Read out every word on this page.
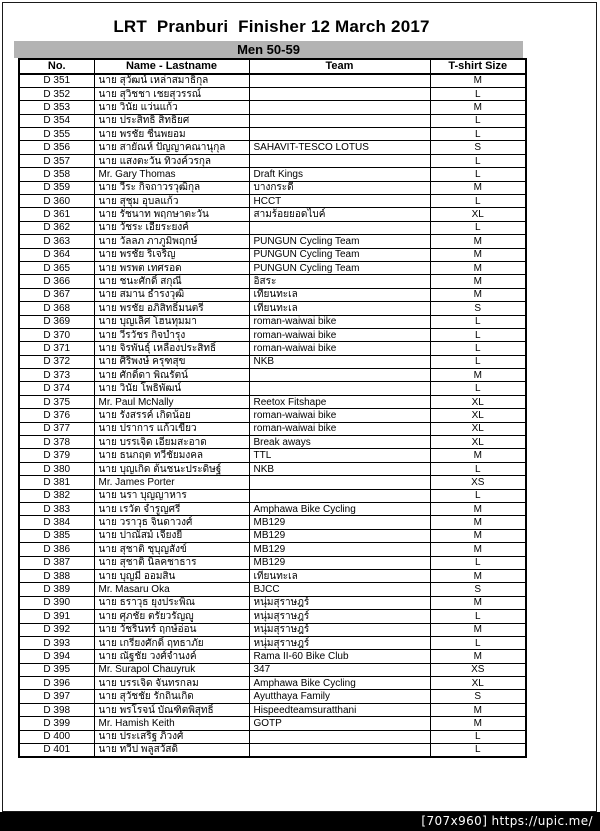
LRT  Pranburi  Finisher 12 March 2017
Men 50-59
No.	Name - Lastname	Team	T-shirt Size
D 351	นาย สุวัฒน์ เหล่าสมาธิกุล		M
D 352	นาย สุวิชชา เชยสุวรรณ์		L
D 353	นาย วินัย แว่นแก้ว		M
D 354	นาย ประสิทธิ์ สิทธิยศ		L
D 355	นาย พรชัย ชื่นพยอม		L
D 356	นาย สายัณห์ ปัญญาคณานุกุล	SAHAVIT-TESCO LOTUS	S
D 357	นาย แสงตะวัน ทิวงค์วรกุล		L
D 358	Mr. Gary Thomas	Draft Kings	L
D 359	นาย วีระ กิจถาวรวุฒิกุล	บางกระดี่	M
D 360	นาย สุชุม อุบลแก้ว	HCCT	L
D 361	นาย รัชนาท พฤกษาตะวัน	สามร้อยยอดไบค์	XL
D 362	นาย วัชระ เอียระยงค์		L
D 363	นาย วัลลภ ภาภูมิพฤกษ์	PUNGUN Cycling Team	M
D 364	นาย พรชัย ริเจริญ	PUNGUN Cycling Team	M
D 365	นาย พรพต เทศรอด	PUNGUN Cycling Team	M
D 366	นาย ชนะศักดิ์ สกุณี	อิสระ	M
D 367	นาย สมาน ธำรงวุฒิ	เทียนทะเล	M
D 368	นาย พรชัย อภิสิทธิ์มนตรี	เทียนทะเล	S
D 369	นาย บุญเลิศ โฮนทุมมา	roman-waiwai bike	L
D 370	นาย วีรวัชร กิจบำรุง	roman-waiwai bike	L
D 371	นาย จิรพันธุ์ เหลืองประสิทธิ์	roman-waiwai bike	L
D 372	นาย ศิริพงษ์ ครุฑสุข	NKB	L
D 373	นาย ศักดิ์ดา พิณรัตน์		M
D 374	นาย วินัย โพธิพัฒน์		L
D 375	Mr. Paul McNally	Reetox Fitshape	XL
D 376	นาย รังสรรค์ เกิดน้อย	roman-waiwai bike	XL
D 377	นาย ปราการ แก้วเขียว	roman-waiwai bike	XL
D 378	นาย บรรเจิด เอี่ยมสะอาด	Break aways	XL
D 379	นาย ธนกฤต ทวีชัยมงคล	TTL	M
D 380	นาย บุญเกิด ต้นชนะประดิษฐ์	NKB	L
D 381	Mr. James Porter		XS
D 382	นาย นรา บุญญาหาร		L
D 383	นาย เรวัต จำรูญศรี	Amphawa Bike Cycling	M
D 384	นาย วราวุธ จินดาวงศ์	MB129	M
D 385	นาย ปาณัสม์ เจี๋ยงยี่	MB129	M
D 386	นาย สุชาติ ชุบุญสังข์	MB129	M
D 387	นาย สุชาติ นิลคชาธาร	MB129	L
D 388	นาย บุญมี ออมสิน	เทียนทะเล	M
D 389	Mr. Masaru Oka	BJCC	S
D 390	นาย ธราวุธ ยุงประพิณ	หนุ่มสุราษฎร์	M
D 391	นาย ศุภชัย ตรัยวรัญญู	หนุ่มสุราษฎร์	L
D 392	นาย วัชรินทร์ ฤกษ์อ่อน	หนุ่มสุราษฎร์	M
D 393	นาย เกรียงศักดิ์ ฤทธาภัย	หนุ่มสุราษฎร์	L
D 394	นาย ณัฐชัย วงศ์จำนงค์	Rama II-60 Bike Club	M
D 395	Mr. Surapol Chauyruk	347	XS
D 396	นาย บรรเจิด จันทรกลม	Amphawa Bike Cycling	XL
D 397	นาย สุวัชชัย รักถิ่นเกิด	Ayutthaya Family	S
D 398	นาย พรโรจน์ บัณฑิตพิสุทธิ์	Hispeedteamsuratthani	M
D 399	Mr. Hamish Keith	GOTP	M
D 400	นาย ประเสริฐ ภิวงศ์		L
D 401	นาย ทวีป พลูสวัสดิ์		L
[707x960] https://upic.me/
